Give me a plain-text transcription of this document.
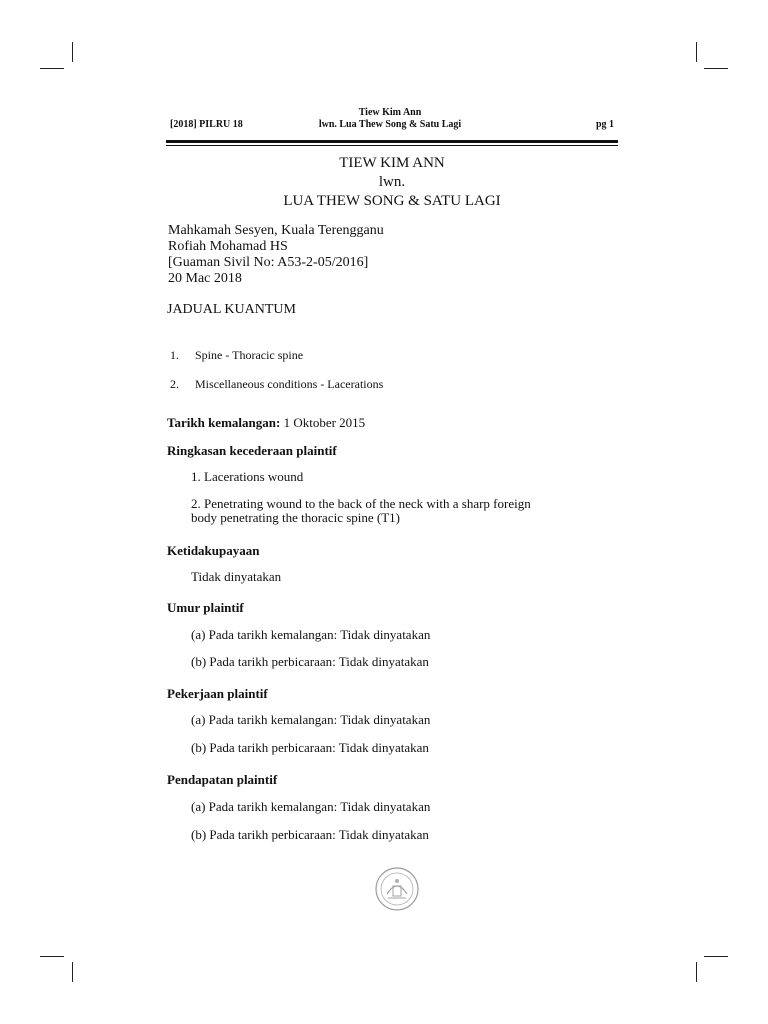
[2018] PILRU 18
Tiew Kim Ann
lwn. Lua Thew Song & Satu Lagi	pg 1
TIEW KIM ANN
lwn.
LUA THEW SONG & SATU LAGI
Mahkamah Sesyen, Kuala Terengganu
Rofiah Mohamad HS
[Guaman Sivil No: A53-2-05/2016]
20 Mac 2018
JADUAL KUANTUM
1. Spine - Thoracic spine
2. Miscellaneous conditions - Lacerations
Tarikh kemalangan: 1 Oktober 2015
Ringkasan kecederaan plaintif
1. Lacerations wound
2. Penetrating wound to the back of the neck with a sharp foreign
body penetrating the thoracic spine (T1)
Ketidakupayaan
Tidak dinyatakan
Umur plaintif
(a) Pada tarikh kemalangan: Tidak dinyatakan
(b) Pada tarikh perbicaraan: Tidak dinyatakan
Pekerjaan plaintif
(a) Pada tarikh kemalangan: Tidak dinyatakan
(b) Pada tarikh perbicaraan: Tidak dinyatakan
Pendapatan plaintif
(a) Pada tarikh kemalangan: Tidak dinyatakan
(b) Pada tarikh perbicaraan: Tidak dinyatakan
